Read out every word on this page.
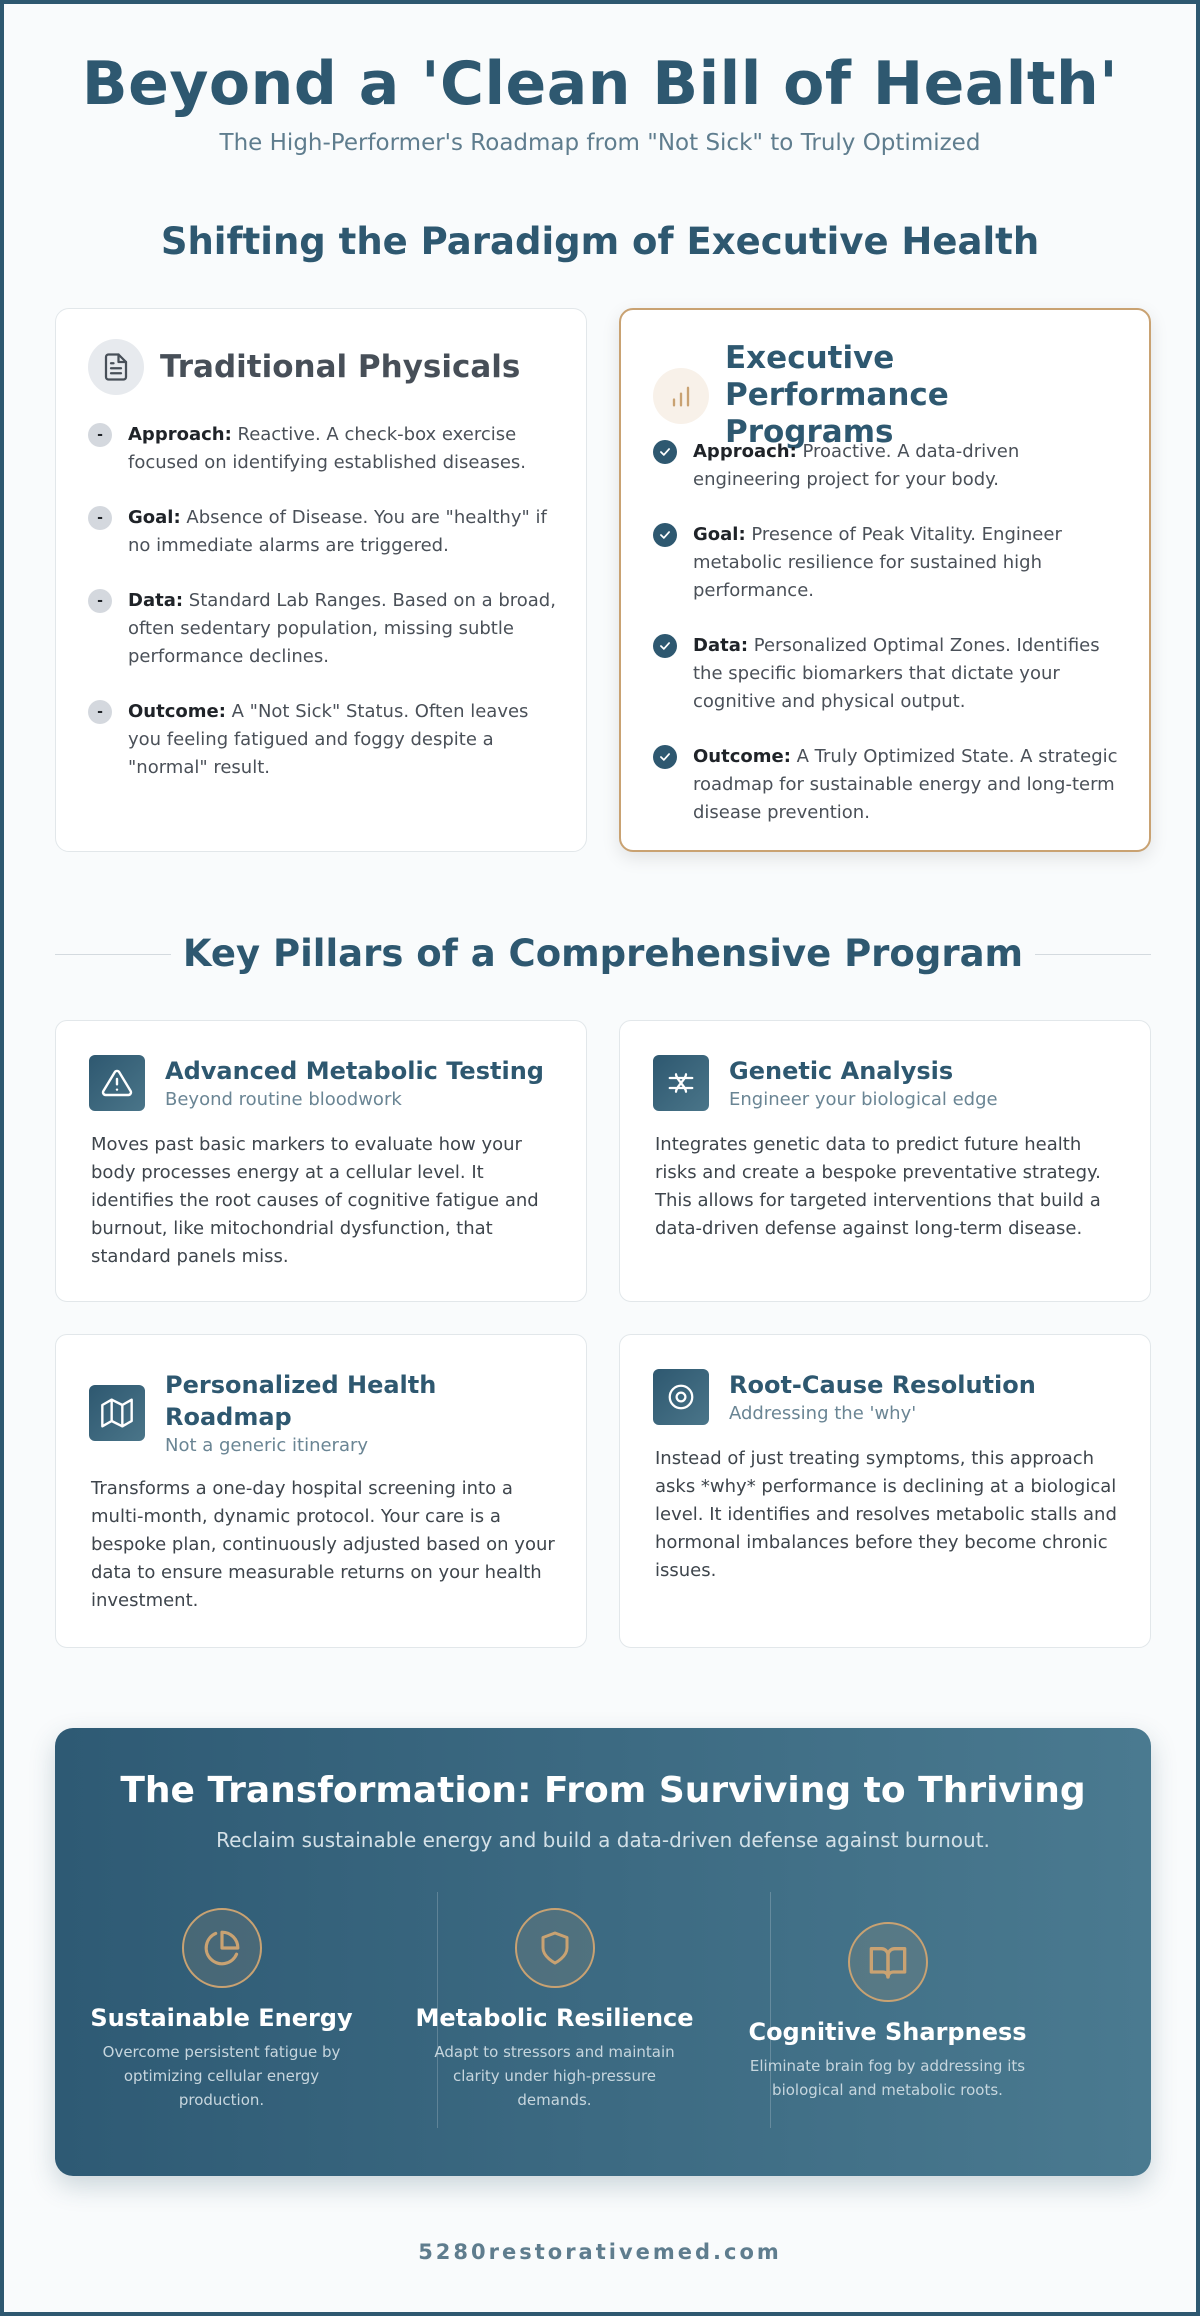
Beyond a 'Clean Bill of Health'
The High-Performer's Roadmap from "Not Sick" to Truly Optimized
Shifting the Paradigm of Executive Health
Traditional Physicals
-	Approach: Reactive. A check-box exercise focused on identifying established diseases.
-	Goal: Absence of Disease. You are "healthy" if no immediate alarms are triggered.
-	Data: Standard Lab Ranges. Based on a broad, often sedentary population, missing subtle performance declines.
-	Outcome: A "Not Sick" Status. Often leaves you feeling fatigued and foggy despite a "normal" result.
Executive Performance Programs
Approach: Proactive. A data-driven engineering project for your body.
Goal: Presence of Peak Vitality. Engineer metabolic resilience for sustained high performance.
Data: Personalized Optimal Zones. Identifies the specific biomarkers that dictate your cognitive and physical output.
Outcome: A Truly Optimized State. A strategic roadmap for sustainable energy and long-term disease prevention.
Key Pillars of a Comprehensive Program
Advanced Metabolic Testing
Beyond routine bloodwork
Moves past basic markers to evaluate how your body processes energy at a cellular level. It identifies the root causes of cognitive fatigue and burnout, like mitochondrial dysfunction, that standard panels miss.
Genetic Analysis
Engineer your biological edge
Integrates genetic data to predict future health risks and create a bespoke preventative strategy. This allows for targeted interventions that build a data-driven defense against long-term disease.
Personalized Health Roadmap
Not a generic itinerary
Transforms a one-day hospital screening into a multi-month, dynamic protocol. Your care is a bespoke plan, continuously adjusted based on your data to ensure measurable returns on your health investment.
Root-Cause Resolution
Addressing the 'why'
Instead of just treating symptoms, this approach asks *why* performance is declining at a biological level. It identifies and resolves metabolic stalls and hormonal imbalances before they become chronic issues.
The Transformation: From Surviving to Thriving
Reclaim sustainable energy and build a data-driven defense against burnout.
Sustainable Energy
Overcome persistent fatigue by optimizing cellular energy production.
Metabolic Resilience
Adapt to stressors and maintain clarity under high-pressure demands.
Cognitive Sharpness
Eliminate brain fog by addressing its biological and metabolic roots.
5280restorativemed.com
